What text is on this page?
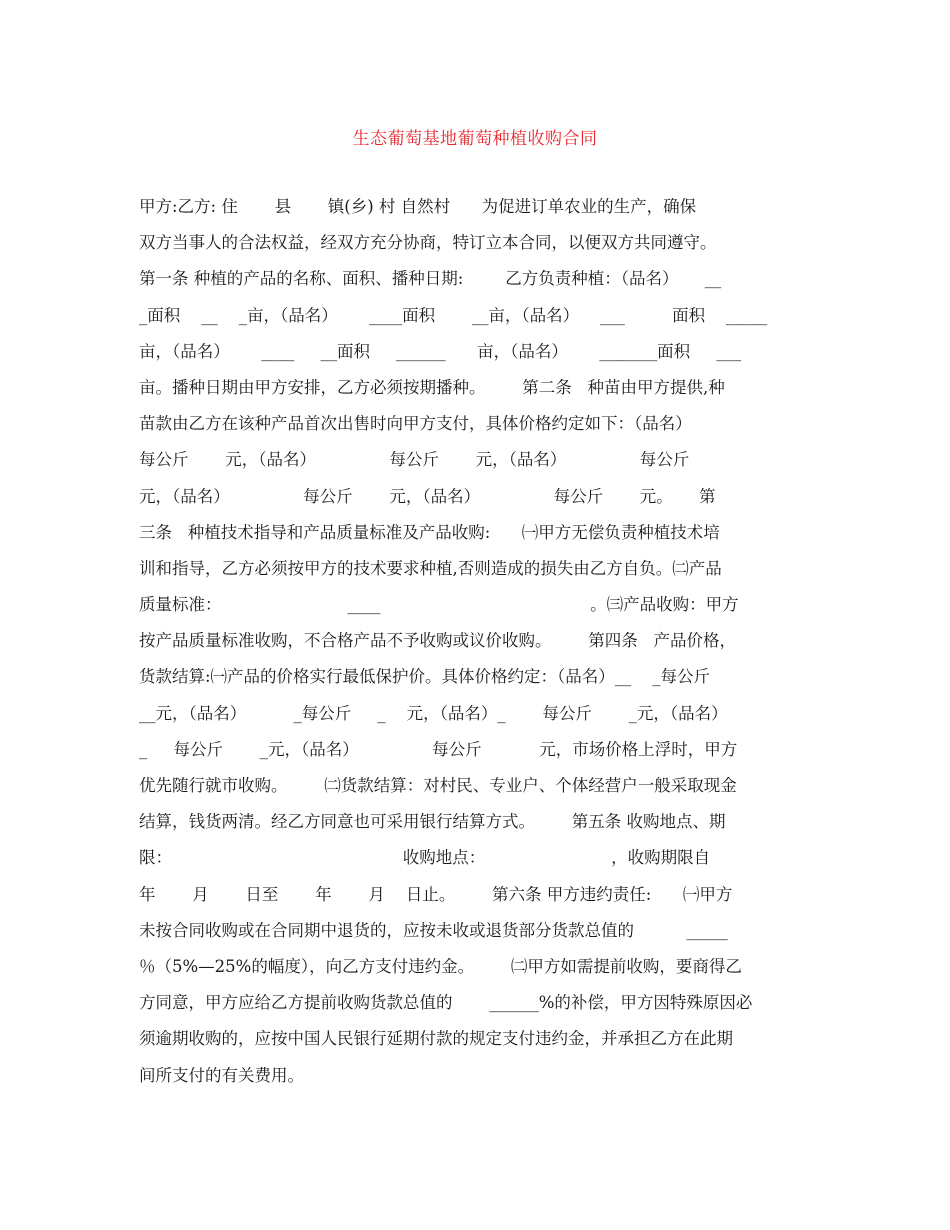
生态葡萄基地葡萄种植收购合同
甲方:乙方: 住       县       镇(乡) 村 自然村      为促进订单农业的生产，确保
双方当事人的合法权益，经双方充分协商，特订立本合同，以便双方共同遵守。
第一条 种植的产品的名称、面积、播种日期:        乙方负责种植：（品名）     __
_面积    __    _亩，（品名）      ____面积       __亩，（品名）    ___         面积    _____
亩，（品名）      ____     __面积     ______      亩，（品名）      _______面积     ___
亩。播种日期由甲方安排，乙方必须按期播种。       第二条   种苗由甲方提供,种
苗款由乙方在该种产品首次出售时向甲方支付，具体价格约定如下：（品名）
每公斤       元，（品名）              每公斤       元，（品名）              每公斤
元，（品名）              每公斤       元，（品名）              每公斤       元。     第
三条   种植技术指导和产品质量标准及产品收购:      ㈠甲方无偿负责种植技术培
训和指导，乙方必须按甲方的技术要求种植,否则造成的损失由乙方自负。㈡产品
质量标准：                        ____                                        。㈢产品收购：甲方
按产品质量标准收购，不合格产品不予收购或议价收购。       第四条   产品价格，
货款结算:㈠产品的价格实行最低保护价。具体价格约定：（品名）__    _每公斤
__元，（品名）         _每公斤     _    元，（品名）_       每公斤       _元，（品名）
_     每公斤       _元，（品名）              每公斤           元，市场价格上浮时，甲方
优先随行就市收购。       ㈡货款结算：对村民、专业户、个体经营户一般采取现金
结算，钱货两清。经乙方同意也可采用银行结算方式。       第五条 收购地点、期
限：                                            收购地点：                        ，收购期限自
年       月       日至       年       月    日止。       第六条 甲方违约责任:      ㈠甲方
未按合同收购或在合同期中退货的，应按未收或退货部分货款总值的          _____
％（5%—25%的幅度），向乙方支付违约金。       ㈡甲方如需提前收购，要商得乙
方同意，甲方应给乙方提前收购货款总值的       ______%的补偿，甲方因特殊原因必
须逾期收购的，应按中国人民银行延期付款的规定支付违约金，并承担乙方在此期
间所支付的有关费用。
